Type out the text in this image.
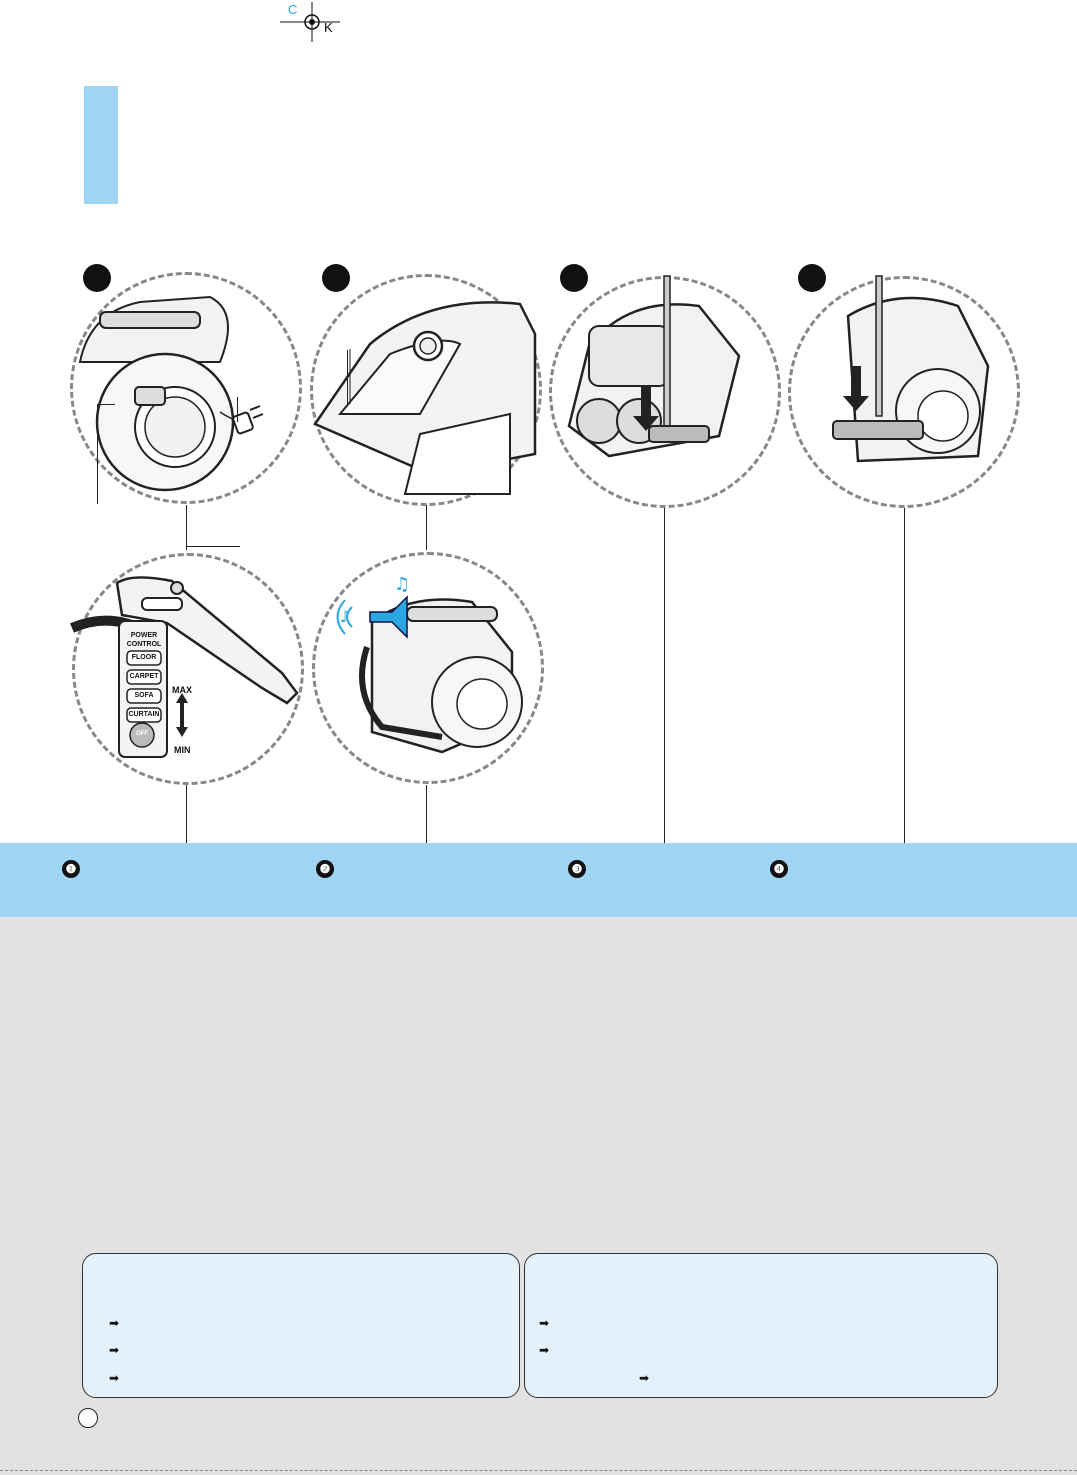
C
K
POWER
CONTROL
FLOOR
CARPET
SOFA
CURTAIN
OFF
MAX
MIN
♪
♫
❶	❷	❸	❹
➡
➡
➡
➡
➡
➡
